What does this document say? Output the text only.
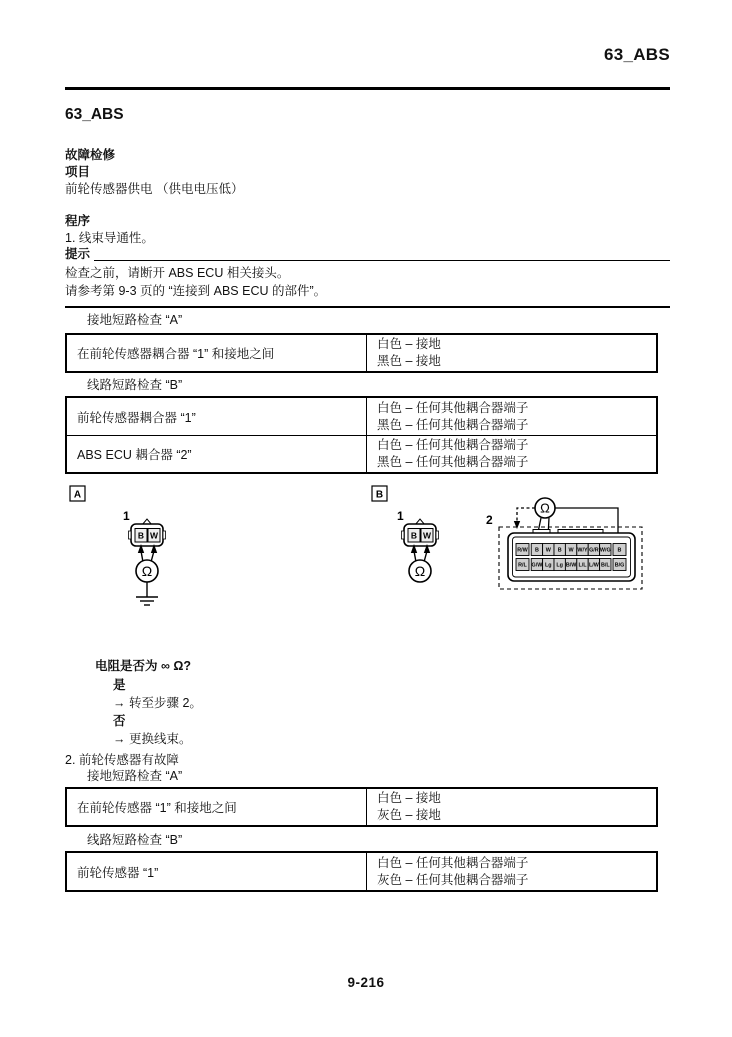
63_ABS
63_ABS
故障检修
项目
前轮传感器供电 （供电电压低）
程序
1. 线束导通性。
提示
检查之前，请断开 ABS ECU 相关接头。
请参考第 9-3 页的 “连接到 ABS ECU 的部件”。
接地短路检查 “A”
在前轮传感器耦合器 “1” 和接地之间
白色 – 接地
黑色 – 接地
线路短路检查 “B”
前轮传感器耦合器 “1”
白色 – 任何其他耦合器端子
黑色 – 任何其他耦合器端子
ABS ECU 耦合器 “2”
白色 – 任何其他耦合器端子
黑色 – 任何其他耦合器端子
A
1
B W
Ω
B
1
B W
Ω
2
Ω
R/W
R/L
B W B W W/Y G/R W/G
G/W Lg Lg B/W L/L L/W B/L
B
B/G
电阻是否为 ∞ Ω?
是
→ 转至步骤 2。
否
→ 更换线束。
2. 前轮传感器有故障
接地短路检查 “A”
在前轮传感器 “1” 和接地之间
白色 – 接地
灰色 – 接地
线路短路检查 “B”
前轮传感器 “1”
白色 – 任何其他耦合器端子
灰色 – 任何其他耦合器端子
9-216
